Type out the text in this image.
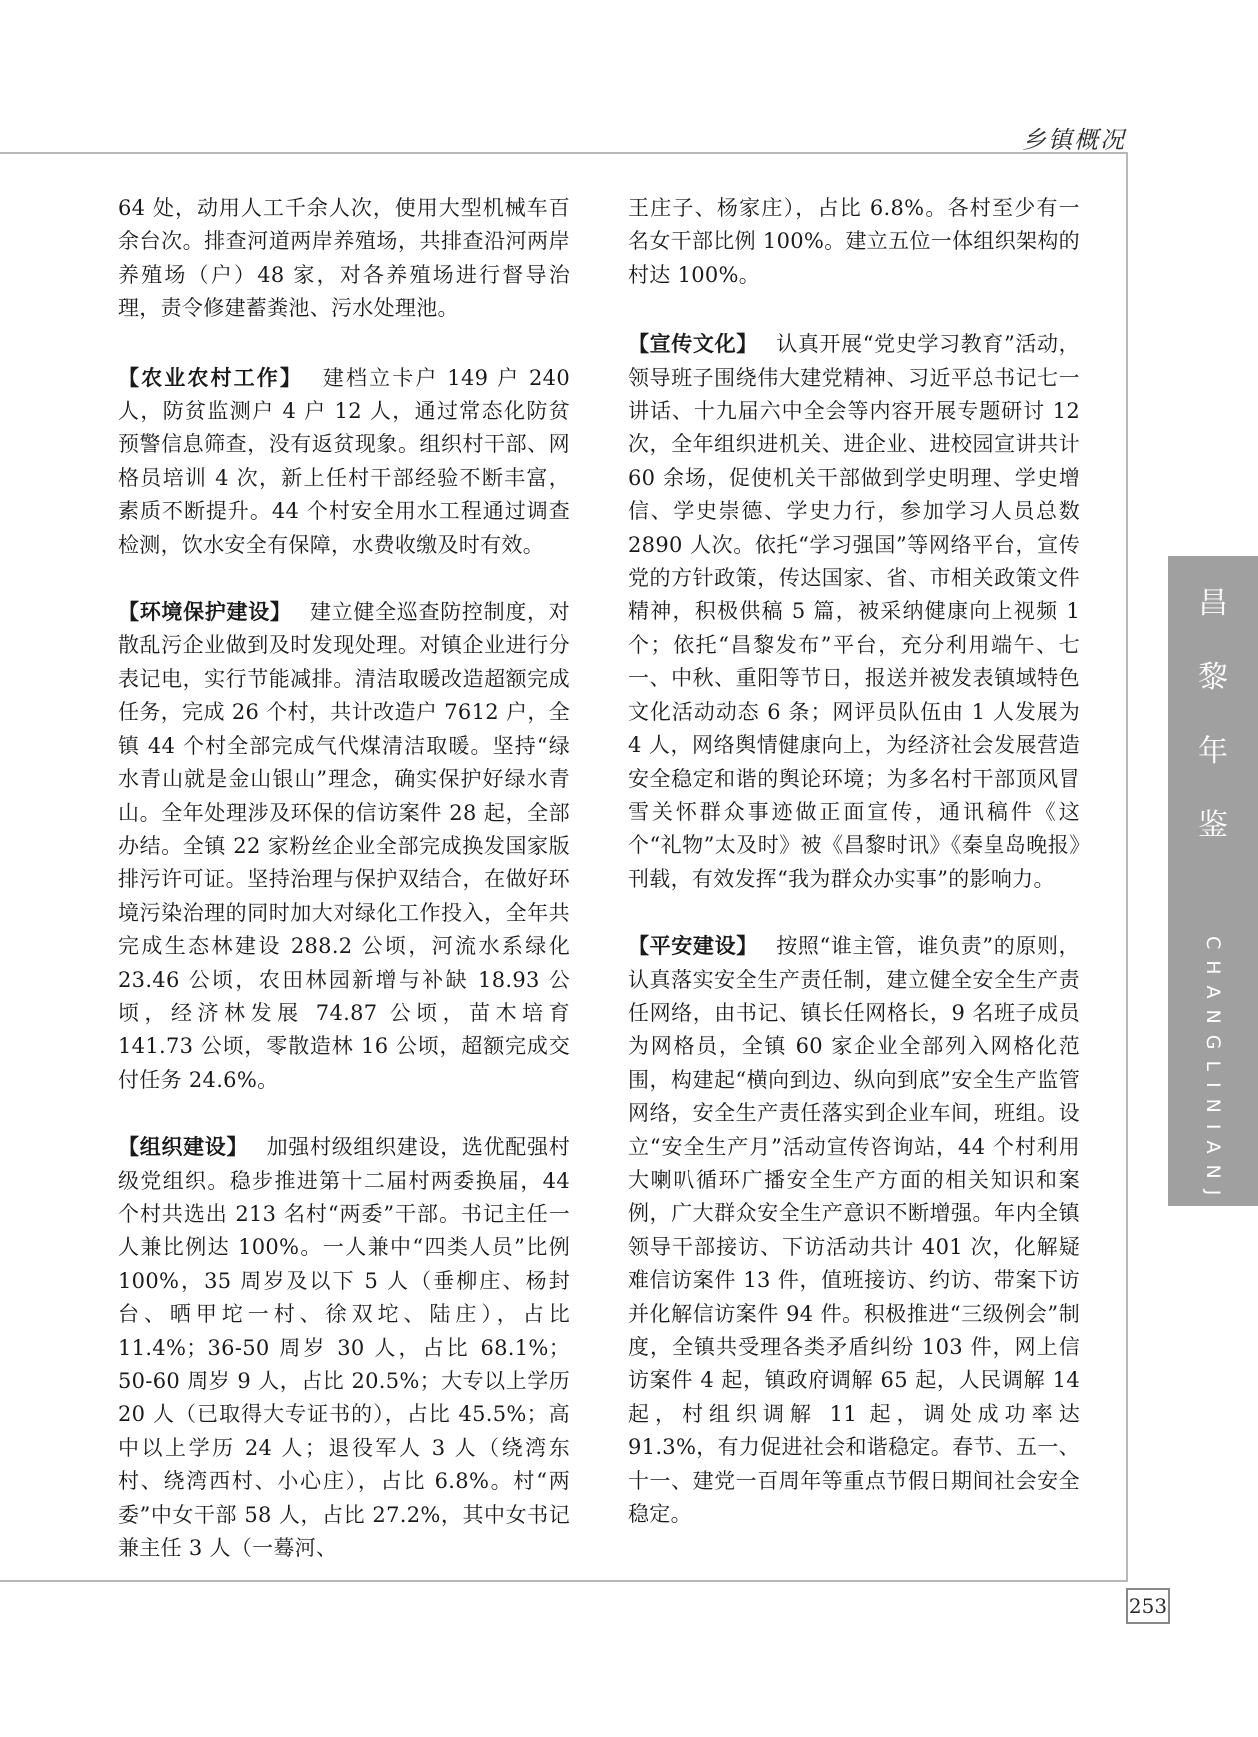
乡镇概况

64 处，动用人工千余人次，使用大型机械车百余台次。排查河道两岸养殖场，共排查沿河两岸养殖场（户）48 家，对各养殖场进行督导治理，责令修建蓄粪池、污水处理池。

【农业农村工作】 建档立卡户 149 户 240 人，防贫监测户 4 户 12 人，通过常态化防贫预警信息筛查，没有返贫现象。组织村干部、网格员培训 4 次，新上任村干部经验不断丰富，素质不断提升。44 个村安全用水工程通过调查检测，饮水安全有保障，水费收缴及时有效。

【环境保护建设】 建立健全巡查防控制度，对散乱污企业做到及时发现处理。对镇企业进行分表记电，实行节能减排。清洁取暖改造超额完成任务，完成 26 个村，共计改造户 7612 户，全镇 44 个村全部完成气代煤清洁取暖。坚持“绿水青山就是金山银山”理念，确实保护好绿水青山。全年处理涉及环保的信访案件 28 起，全部办结。全镇 22 家粉丝企业全部完成换发国家版排污许可证。坚持治理与保护双结合，在做好环境污染治理的同时加大对绿化工作投入，全年共完成生态林建设 288.2 公顷，河流水系绿化 23.46 公顷，农田林园新增与补缺 18.93 公顷，经济林发展 74.87 公顷，苗木培育 141.73 公顷，零散造林 16 公顷，超额完成交付任务 24.6%。

【组织建设】 加强村级组织建设，选优配强村级党组织。稳步推进第十二届村两委换届，44 个村共选出 213 名村“两委”干部。书记主任一人兼比例达 100%。一人兼中“四类人员”比例 100%，35 周岁及以下 5 人（垂柳庄、杨封台、晒甲坨一村、徐双坨、陆庄），占比 11.4%；36-50 周岁 30 人，占比 68.1%；50-60 周岁 9 人，占比 20.5%；大专以上学历 20 人（已取得大专证书的），占比 45.5%；高中以上学历 24 人；退役军人 3 人（绕湾东村、绕湾西村、小心庄），占比 6.8%。村“两委”中女干部 58 人，占比 27.2%，其中女书记兼主任 3 人（一蓦河、

王庄子、杨家庄），占比 6.8%。各村至少有一名女干部比例 100%。建立五位一体组织架构的村达 100%。

【宣传文化】 认真开展“党史学习教育”活动，领导班子围绕伟大建党精神、习近平总书记七一讲话、十九届六中全会等内容开展专题研讨 12 次，全年组织进机关、进企业、进校园宣讲共计 60 余场，促使机关干部做到学史明理、学史增信、学史崇德、学史力行，参加学习人员总数 2890 人次。依托“学习强国”等网络平台，宣传党的方针政策，传达国家、省、市相关政策文件精神，积极供稿 5 篇，被采纳健康向上视频 1 个；依托“昌黎发布”平台，充分利用端午、七一、中秋、重阳等节日，报送并被发表镇域特色文化活动动态 6 条；网评员队伍由 1 人发展为 4 人，网络舆情健康向上，为经济社会发展营造安全稳定和谐的舆论环境；为多名村干部顶风冒雪关怀群众事迹做正面宣传，通讯稿件《这个“礼物”太及时》被《昌黎时讯》《秦皇岛晚报》刊载，有效发挥“我为群众办实事”的影响力。

【平安建设】 按照“谁主管，谁负责”的原则，认真落实安全生产责任制，建立健全安全生产责任网络，由书记、镇长任网格长，9 名班子成员为网格员，全镇 60 家企业全部列入网格化范围，构建起“横向到边、纵向到底”安全生产监管网络，安全生产责任落实到企业车间，班组。设立“安全生产月”活动宣传咨询站，44 个村利用大喇叭循环广播安全生产方面的相关知识和案例，广大群众安全生产意识不断增强。年内全镇领导干部接访、下访活动共计 401 次，化解疑难信访案件 13 件，值班接访、约访、带案下访并化解信访案件 94 件。积极推进“三级例会”制度，全镇共受理各类矛盾纠纷 103 件，网上信访案件 4 起，镇政府调解 65 起，人民调解 14 起，村组织调解 11 起，调处成功率达 91.3%，有力促进社会和谐稳定。春节、五一、十一、建党一百周年等重点节假日期间社会安全稳定。

昌
黎
年
鉴
CHANGLINIANJIAN
253
